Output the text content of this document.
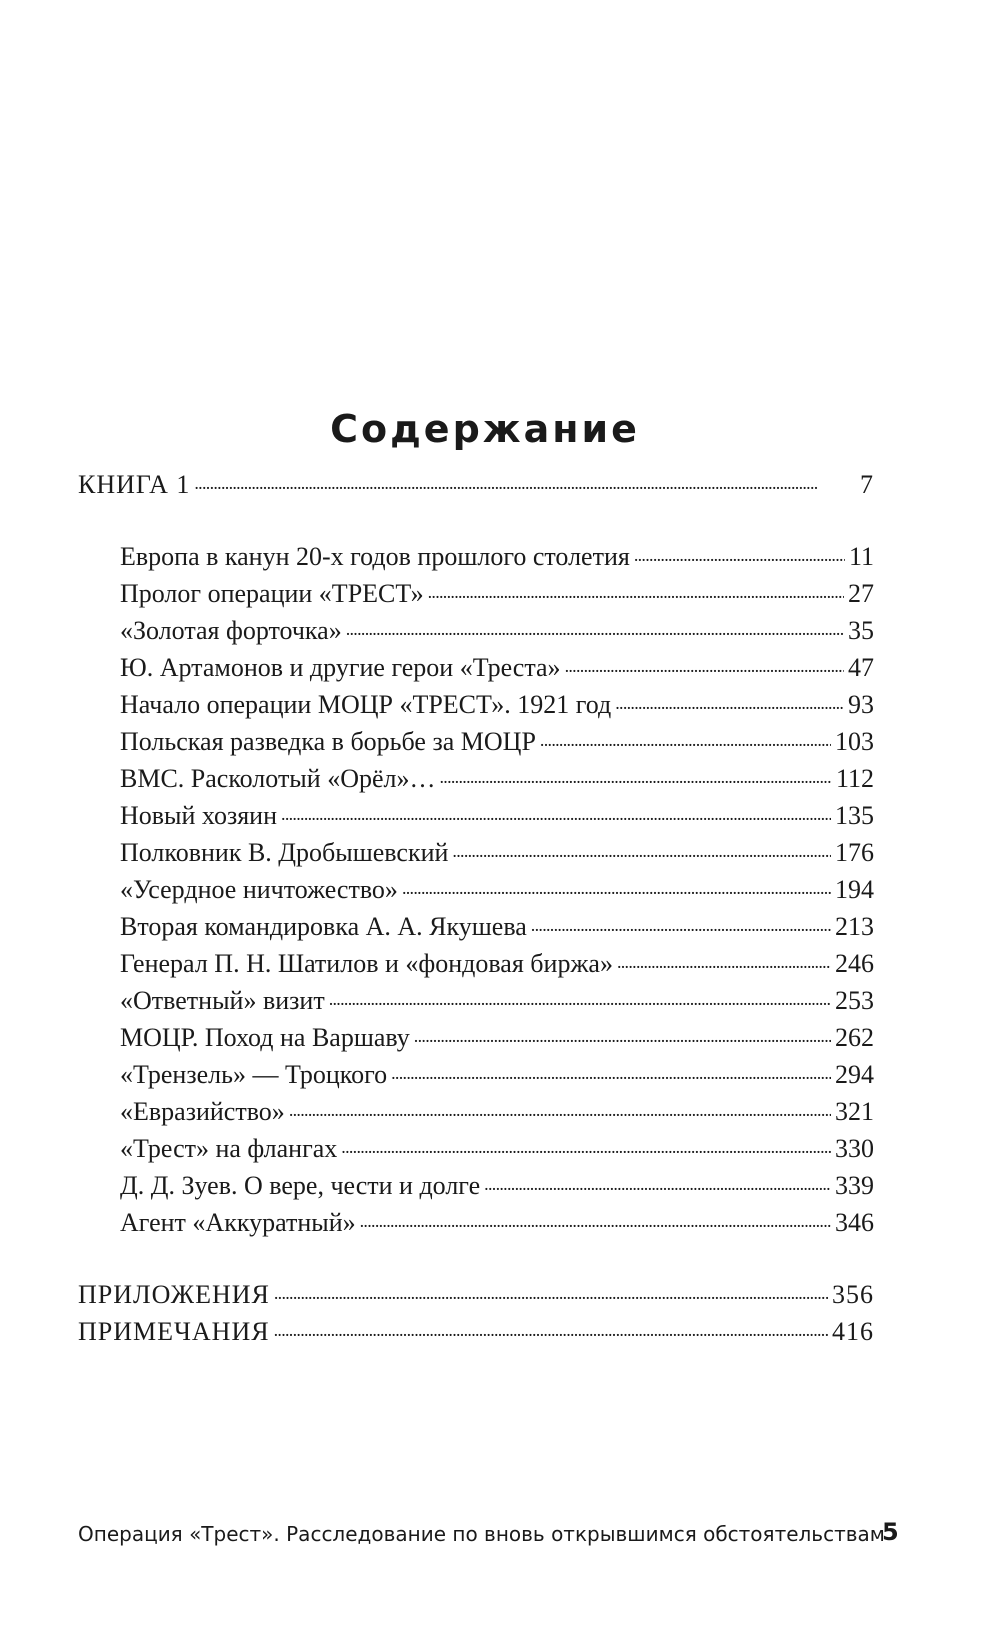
Содержание
КНИГА 1 . . .	7
Европа в канун 20-х годов прошлого столетия . . .	11
Пролог операции «ТРЕСТ» . . .	27
«Золотая форточка» . . .	35
Ю. Артамонов и другие герои «Треста» . . .	47
Начало операции МОЦР «ТРЕСТ». 1921 год . . .	93
Польская разведка в борьбе за МОЦР . . .	103
ВМС. Расколотый «Орёл»… . . .	112
Новый хозяин . . .	135
Полковник В. Дробышевский . . .	176
«Усердное ничтожество» . . .	194
Вторая командировка А. А. Якушева . . .	213
Генерал П. Н. Шатилов и «фондовая биржа» . . .	246
«Ответный» визит . . .	253
МОЦР. Поход на Варшаву . . .	262
«Трензель» — Троцкого . . .	294
«Евразийство» . . .	321
«Трест» на флангах . . .	330
Д. Д. Зуев. О вере, чести и долге . . .	339
Агент «Аккуратный» . . .	346
ПРИЛОЖЕНИЯ . . .	356
ПРИМЕЧАНИЯ . . .	416
Операция «Трест». Расследование по вновь открывшимся обстоятельствам
5
